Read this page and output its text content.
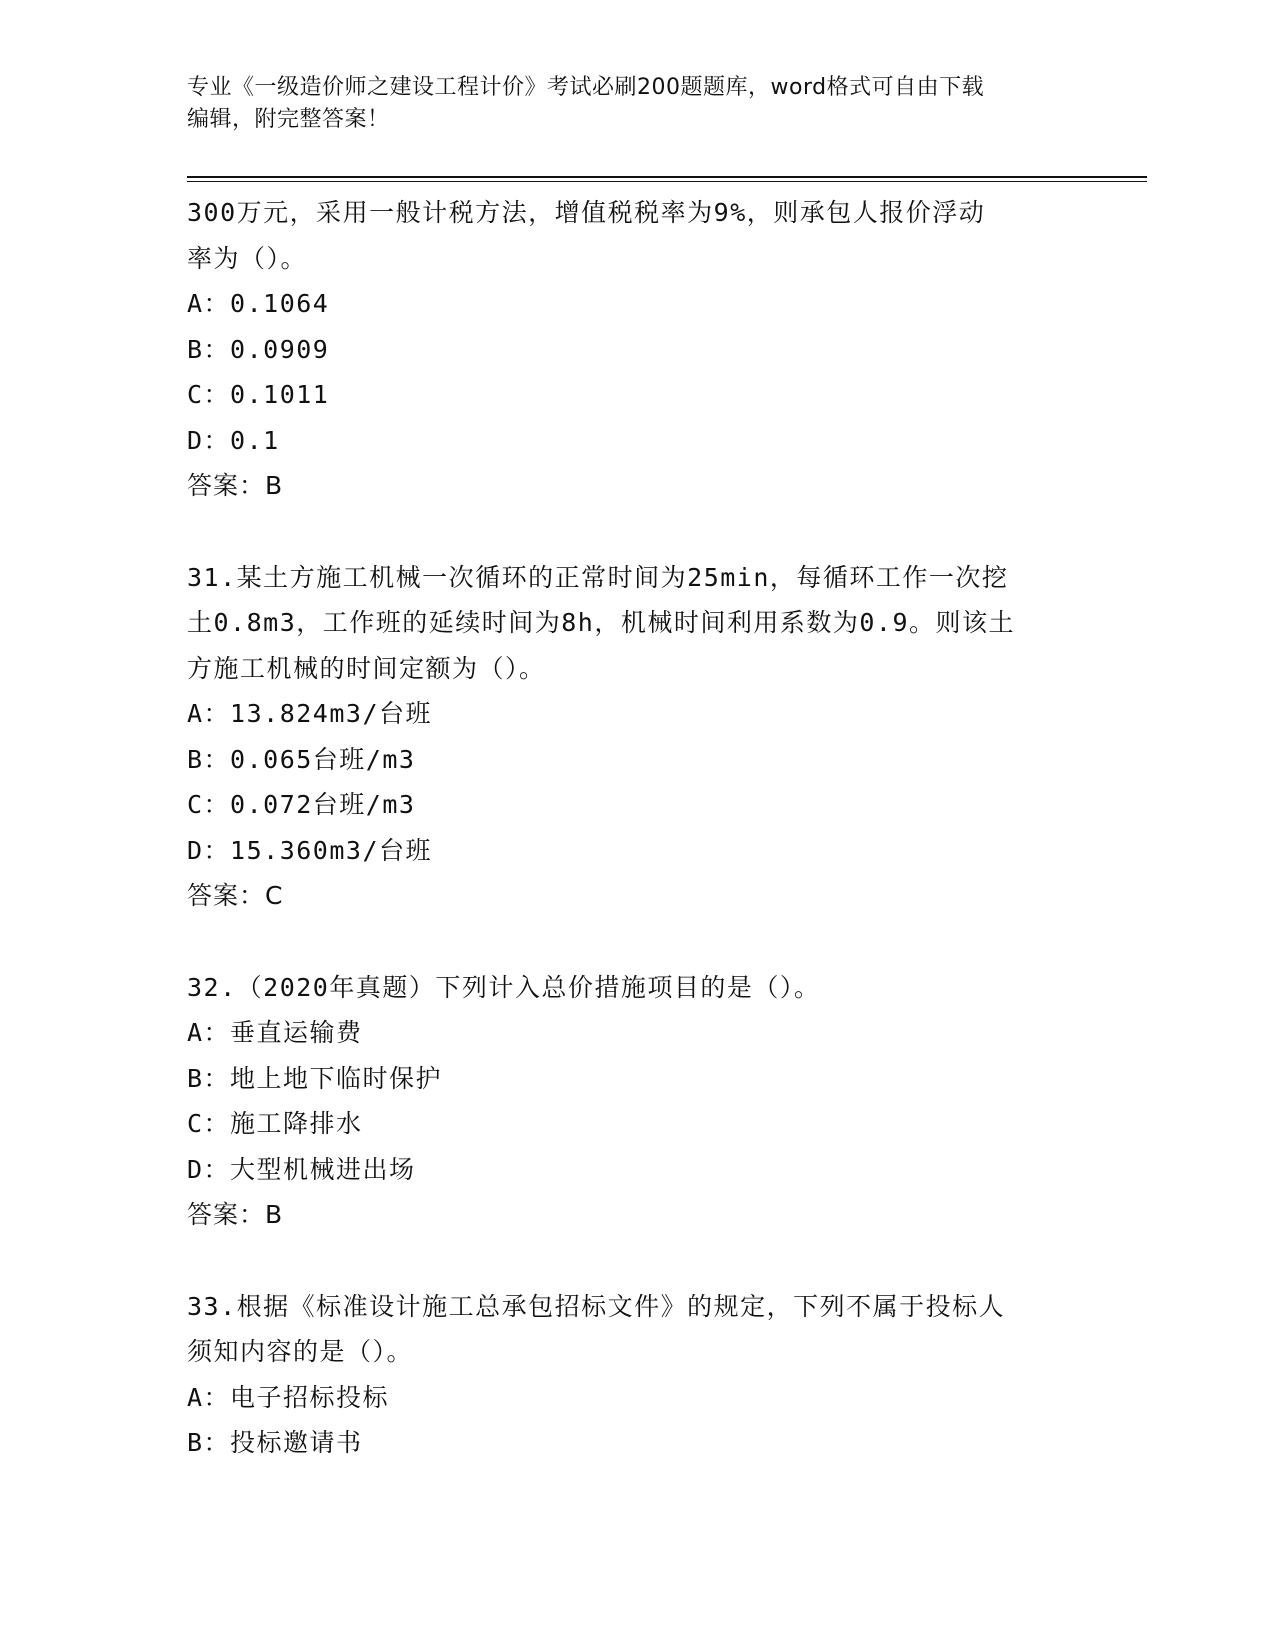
专业《一级造价师之建设工程计价》考试必刷200题题库，word格式可自由下载
编辑，附完整答案！
300万元，采用一般计税方法，增值税税率为9%，则承包人报价浮动
率为（）。
A：0.1064
B：0.0909
C：0.1011
D：0.1
答案：B
31.某土方施工机械一次循环的正常时间为25min，每循环工作一次挖
土0.8m3，工作班的延续时间为8h，机械时间利用系数为0.9。则该土
方施工机械的时间定额为（）。
A：13.824m3/台班
B：0.065台班/m3
C：0.072台班/m3
D：15.360m3/台班
答案：C
32.（2020年真题）下列计入总价措施项目的是（）。
A：垂直运输费
B：地上地下临时保护
C：施工降排水
D：大型机械进出场
答案：B
33.根据《标准设计施工总承包招标文件》的规定，下列不属于投标人
须知内容的是（）。
A：电子招标投标
B：投标邀请书
